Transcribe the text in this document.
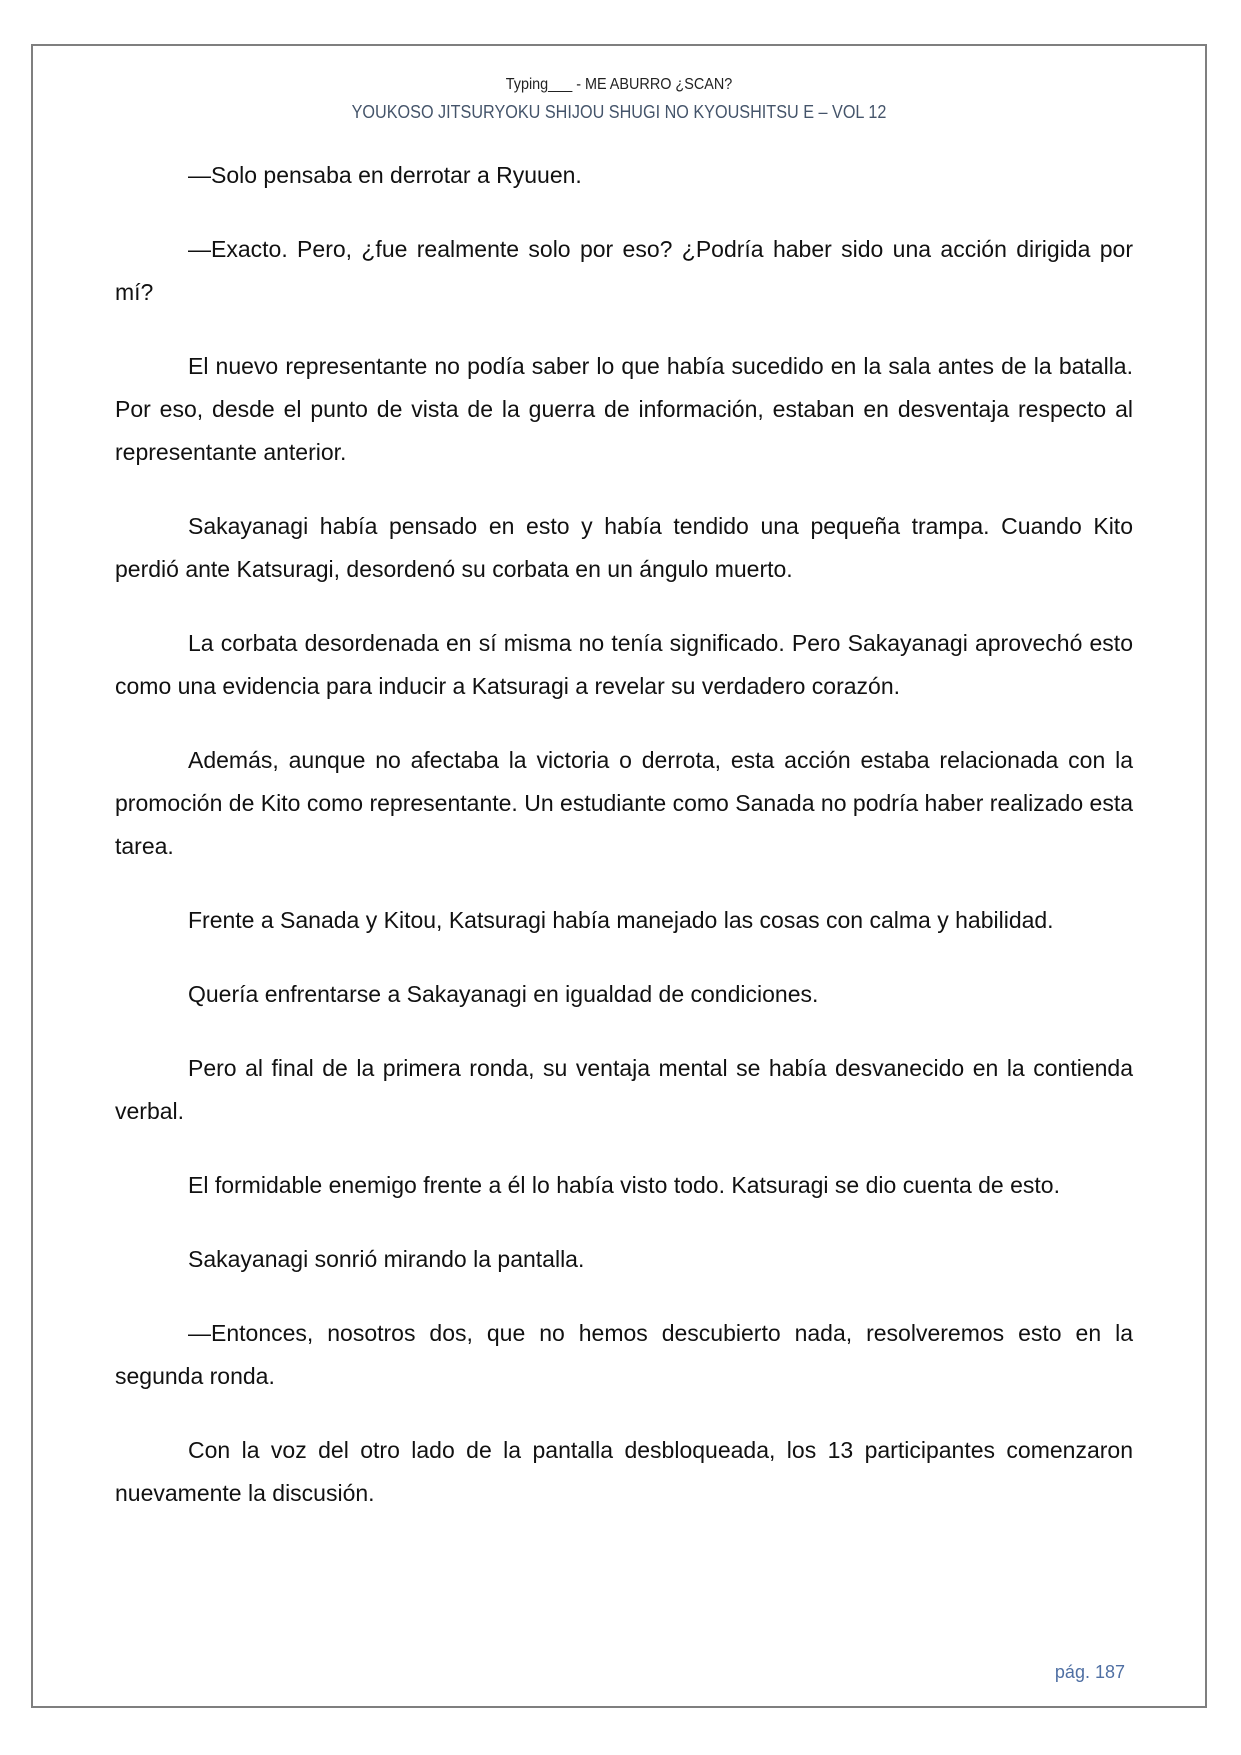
Typing___ - ME ABURRO ¿SCAN?
YOUKOSO JITSURYOKU SHIJOU SHUGI NO KYOUSHITSU E – VOL 12

—Solo pensaba en derrotar a Ryuuen.

—Exacto. Pero, ¿fue realmente solo por eso? ¿Podría haber sido una acción dirigida por mí?

El nuevo representante no podía saber lo que había sucedido en la sala antes de la batalla. Por eso, desde el punto de vista de la guerra de información, estaban en desventaja respecto al representante anterior.

Sakayanagi había pensado en esto y había tendido una pequeña trampa. Cuando Kito perdió ante Katsuragi, desordenó su corbata en un ángulo muerto.

La corbata desordenada en sí misma no tenía significado. Pero Sakayanagi aprovechó esto como una evidencia para inducir a Katsuragi a revelar su verdadero corazón.

Además, aunque no afectaba la victoria o derrota, esta acción estaba relacionada con la promoción de Kito como representante. Un estudiante como Sanada no podría haber realizado esta tarea.

Frente a Sanada y Kitou, Katsuragi había manejado las cosas con calma y habilidad.

Quería enfrentarse a Sakayanagi en igualdad de condiciones.

Pero al final de la primera ronda, su ventaja mental se había desvanecido en la contienda verbal.

El formidable enemigo frente a él lo había visto todo. Katsuragi se dio cuenta de esto.

Sakayanagi sonrió mirando la pantalla.

—Entonces, nosotros dos, que no hemos descubierto nada, resolveremos esto en la segunda ronda.

Con la voz del otro lado de la pantalla desbloqueada, los 13 participantes comenzaron nuevamente la discusión.

pág. 187
